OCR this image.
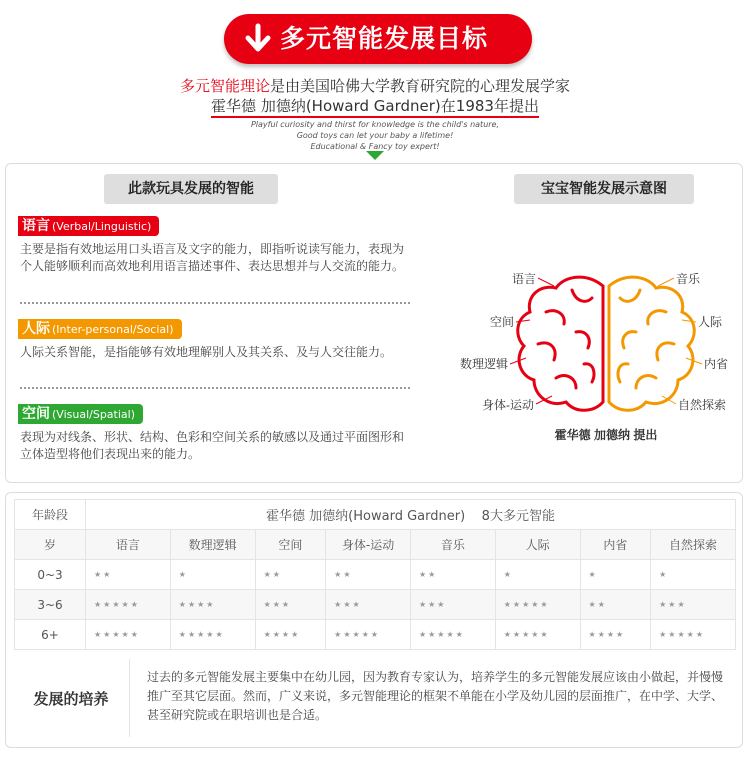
多元智能发展目标
多元智能理论是由美国哈佛大学教育研究院的心理发展学家
霍华德 加德纳(Howard Gardner)在1983年提出
Playful curiosity and thirst for knowledge is the child's nature,
Good toys can let your baby a lifetime!
Educational & Fancy toy expert!
此款玩具发展的智能	宝宝智能发展示意图
语言 (Verbal/Linguistic)
主要是指有效地运用口头语言及文字的能力，即指听说读写能力，表现为个人能够顺利而高效地利用语言描述事件、表达思想并与人交流的能力。
人际 (Inter-personal/Social)
人际关系智能，是指能够有效地理解别人及其关系、及与人交往能力。
空间 (Visual/Spatial)
表现为对线条、形状、结构、色彩和空间关系的敏感以及通过平面图形和立体造型将他们表现出来的能力。
语言
空间
数理逻辑
身体-运动
音乐
人际
内省
自然探索
霍华德 加德纳 提出
年龄段	霍华德 加德纳(Howard Gardner)    8大多元智能							
岁	语言	数理逻辑	空间	身体-运动	音乐	人际	内省	自然探索
0~3	★★	★	★★	★★	★★	★	★	★
3~6	★★★★★	★★★★	★★★	★★★	★★★	★★★★★	★★	★★★
6+	★★★★★	★★★★★	★★★★	★★★★★	★★★★★	★★★★★	★★★★	★★★★★
发展的培养
过去的多元智能发展主要集中在幼儿园，因为教育专家认为，培养学生的多元智能发展应该由小做起，并慢慢推广至其它层面。然而，广义来说，多元智能理论的框架不单能在小学及幼儿园的层面推广，在中学、大学、甚至研究院或在职培训也是合适。
